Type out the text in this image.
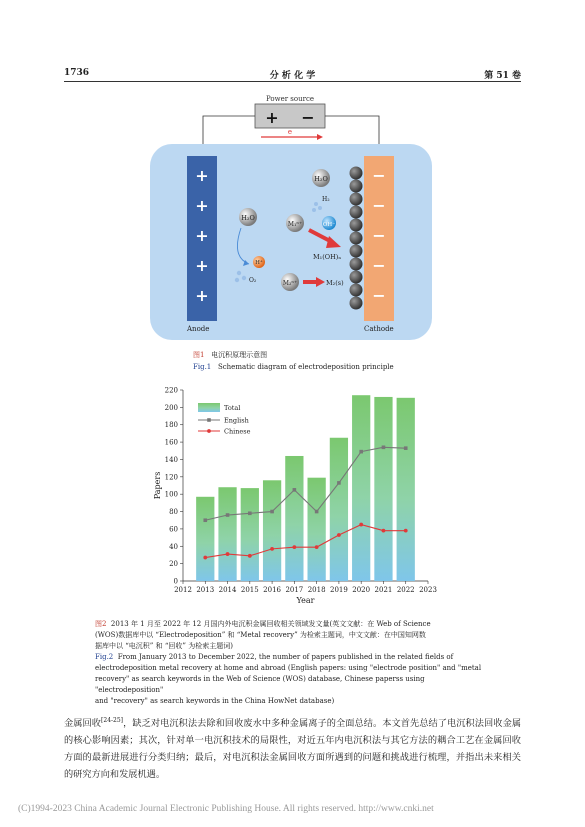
1736	分 析 化 学	第 51 卷
Power source
+ −
e
+
+
+
+
+
Anode
−
−
−
−
−
Cathode
H₂O
H⁺
O₂
H₂O
H₂
M₁ⁿ⁺	OH⁻
M₁(OH)ₙ
M₂ⁿ⁺	M₂(s)
图1 电沉积原理示意图
Fig.1 Schematic diagram of electrodeposition principle
0
20
40
60
80
100
120
140
160
180
200
220
2012 2013 2014 2015 2016 2017 2018 2019 2020 2021 2022 2023
Year
Papers
Total
English
Chinese
图2 2013 年 1 月至 2022 年 12 月国内外电沉积金属回收相关领域发文量(英文文献：在 Web of Science
(WOS)数据库中以 “Electrodeposition” 和 “Metal recovery” 为检索主题词，中文文献：在中国知网数
据库中以 “电沉积” 和 “回收” 为检索主题词)
Fig.2 From January 2013 to December 2022, the number of papers published in the related fields of
electrodeposition metal recovery at home and abroad (English papers: using "electrode position" and "metal
recovery" as search keywords in the Web of Science (WOS) database, Chinese paperss using "electrodeposition"
and "recovery" as search keywords in the China HowNet database)
金属回收[24-25]，缺乏对电沉积法去除和回收废水中多种金属离子的全面总结。本文首先总结了电沉积法回收金属的核心影响因素；其次，针对单一电沉积技术的局限性，对近五年内电沉积法与其它方法的耦合工艺在金属回收方面的最新进展进行分类归纳；最后，对电沉积法金属回收方面所遇到的问题和挑战进行梳理，并指出未来相关的研究方向和发展机遇。
(C)1994-2023 China Academic Journal Electronic Publishing House. All rights reserved. http://www.cnki.net
